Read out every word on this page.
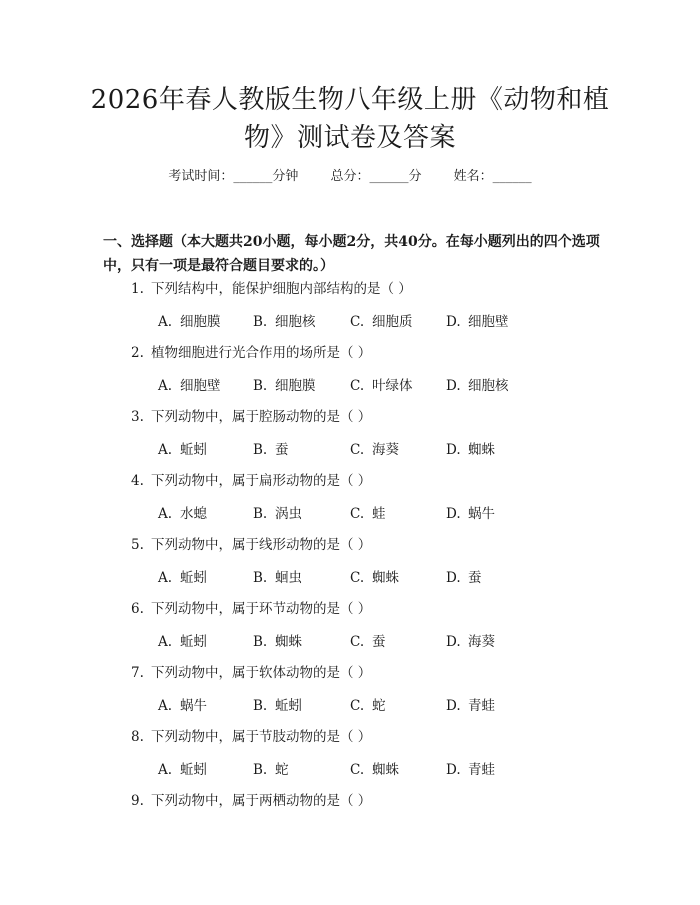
2026年春人教版生物八年级上册《动物和植
物》测试卷及答案
考试时间：______分钟 总分：______分 姓名：______
一、选择题（本大题共20小题，每小题2分，共40分。在每小题列出的四个选项中，只有一项是最符合题目要求的。）
1. 下列结构中，能保护细胞内部结构的是（ ）
A. 细胞膜 B. 细胞核	C. 细胞质 D. 细胞壁
2. 植物细胞进行光合作用的场所是（ ）
A. 细胞壁 B. 细胞膜	C. 叶绿体 D. 细胞核
3. 下列动物中，属于腔肠动物的是（ ）
A. 蚯蚓	B. 蚕	C. 海葵	D. 蜘蛛
4. 下列动物中，属于扁形动物的是（ ）
A. 水螅	B. 涡虫	C. 蛙	D. 蜗牛
5. 下列动物中，属于线形动物的是（ ）
A. 蚯蚓	B. 蛔虫	C. 蜘蛛	D. 蚕
6. 下列动物中，属于环节动物的是（ ）
A. 蚯蚓	B. 蜘蛛	C. 蚕	D. 海葵
7. 下列动物中，属于软体动物的是（ ）
A. 蜗牛	B. 蚯蚓	C. 蛇	D. 青蛙
8. 下列动物中，属于节肢动物的是（ ）
A. 蚯蚓	B. 蛇	C. 蜘蛛	D. 青蛙
9. 下列动物中，属于两栖动物的是（ ）
